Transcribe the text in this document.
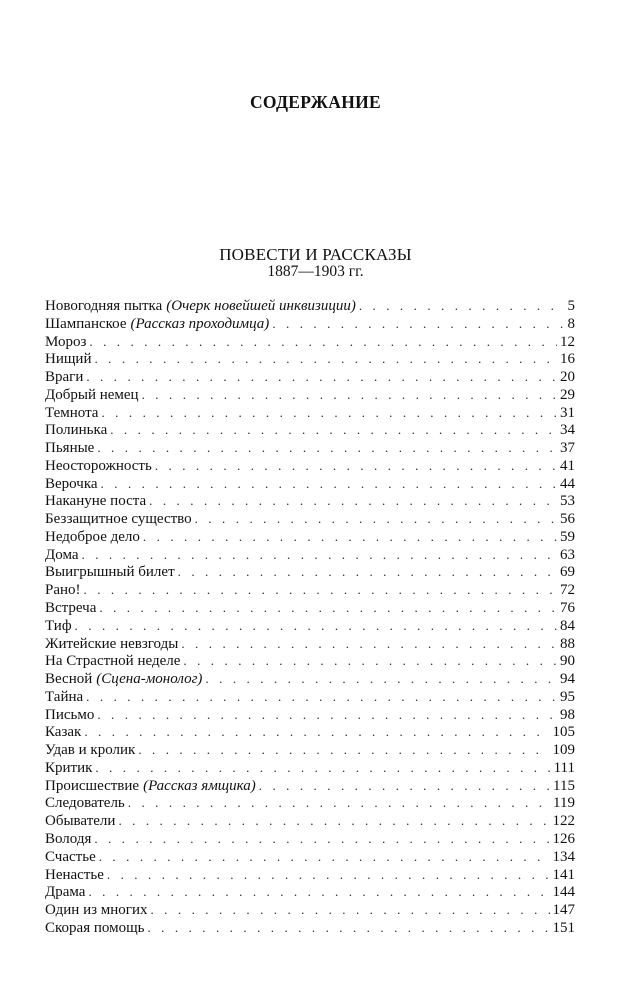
СОДЕРЖАНИЕ
ПОВЕСТИ И РАССКАЗЫ
1887—1903 гг.
Новогодняя пытка (Очерк новейшей инквизиции) . . .	5
Шампанское (Рассказ проходимца) . . .	8
Мороз . . .	12
Нищий . . .	16
Враги . . .	20
Добрый немец . . .	29
Темнота . . .	31
Полинька . . .	34
Пьяные . . .	37
Неосторожность . . .	41
Верочка . . .	44
Накануне поста . . .	53
Беззащитное существо . . .	56
Недоброе дело . . .	59
Дома . . .	63
Выигрышный билет . . .	69
Рано! . . .	72
Встреча . . .	76
Тиф . . .	84
Житейские невзгоды . . .	88
На Страстной неделе . . .	90
Весной (Сцена-монолог) . . .	94
Тайна . . .	95
Письмо . . .	98
Казак . . .	105
Удав и кролик . . .	109
Критик . . .	111
Происшествие (Рассказ ямщика) . . .	115
Следователь . . .	119
Обыватели . . .	122
Володя . . .	126
Счастье . . .	134
Ненастье . . .	141
Драма . . .	144
Один из многих . . .	147
Скорая помощь . . .	151
